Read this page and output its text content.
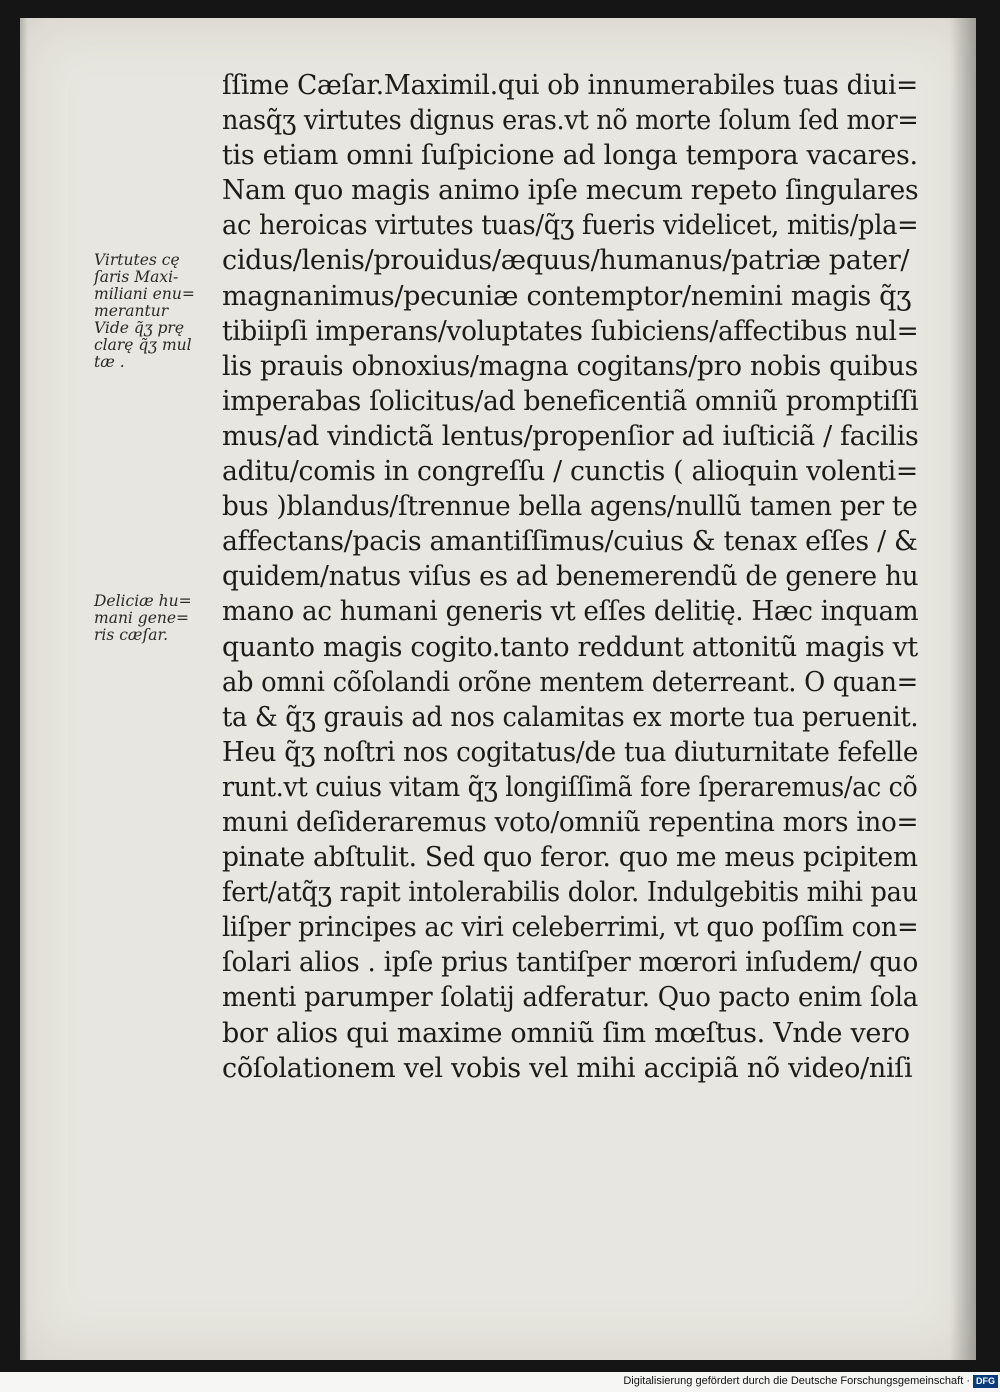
Virtutes cę
ſaris Maxi-
miliani enu=
merantur
Vide q̃ʒ prę
clarę q̃ʒ mul
tæ .
Deliciæ hu=
mani gene=
ris cæſar.
ſſime Cæſar.Maximil.qui ob innumerabiles tuas diui=
nasq̃ʒ virtutes dignus eras.vt nõ morte ſolum ſed mor=
tis etiam omni ſuſpicione ad longa tempora vacares.
Nam quo magis animo ipſe mecum repeto ſingulares
ac heroicas virtutes tuas/q̃ʒ fueris videlicet, mitis/pla=
cidus/lenis/prouidus/æquus/humanus/patriæ pater/
magnanimus/pecuniæ contemptor/nemini magis q̃ʒ
tibiipſi imperans/voluptates ſubiciens/affectibus nul=
lis prauis obnoxius/magna cogitans/pro nobis quibus
imperabas ſolicitus/ad beneficentiã omniũ promptiſſi
mus/ad vindictã lentus/propenſior ad iuſticiã / facilis
aditu/comis in congreſſu / cunctis ( alioquin volenti=
bus )blandus/ſtrennue bella agens/nullũ tamen per te
affectans/pacis amantiſſimus/cuius & tenax eſſes / &
quidem/natus viſus es ad benemerendũ de genere hu
mano ac humani generis vt eſſes delitię. Hæc inquam
quanto magis cogito.tanto reddunt attonitũ magis vt
ab omni cõſolandi orõne mentem deterreant. O quan=
ta & q̃ʒ grauis ad nos calamitas ex morte tua peruenit.
Heu q̃ʒ noſtri nos cogitatus/de tua diuturnitate fefelle
runt.vt cuius vitam q̃ʒ longiſſimã fore ſperaremus/ac cõ
muni deſideraremus voto/omniũ repentina mors ino=
pinate abſtulit. Sed quo feror. quo me meus pcipitem
fert/atq̃ʒ rapit intolerabilis dolor. Indulgebitis mihi pau
liſper principes ac viri celeberrimi, vt quo poſſim con=
ſolari alios . ipſe prius tantiſper mœrori inſudem/ quo
menti parumper ſolatij adferatur. Quo pacto enim ſola
bor alios qui maxime omniũ ſim mœſtus. Vnde vero
cõſolationem vel vobis vel mihi accipiã nõ video/niſi
Digitalisierung gefördert durch die Deutsche Forschungsgemeinschaft · DFG
